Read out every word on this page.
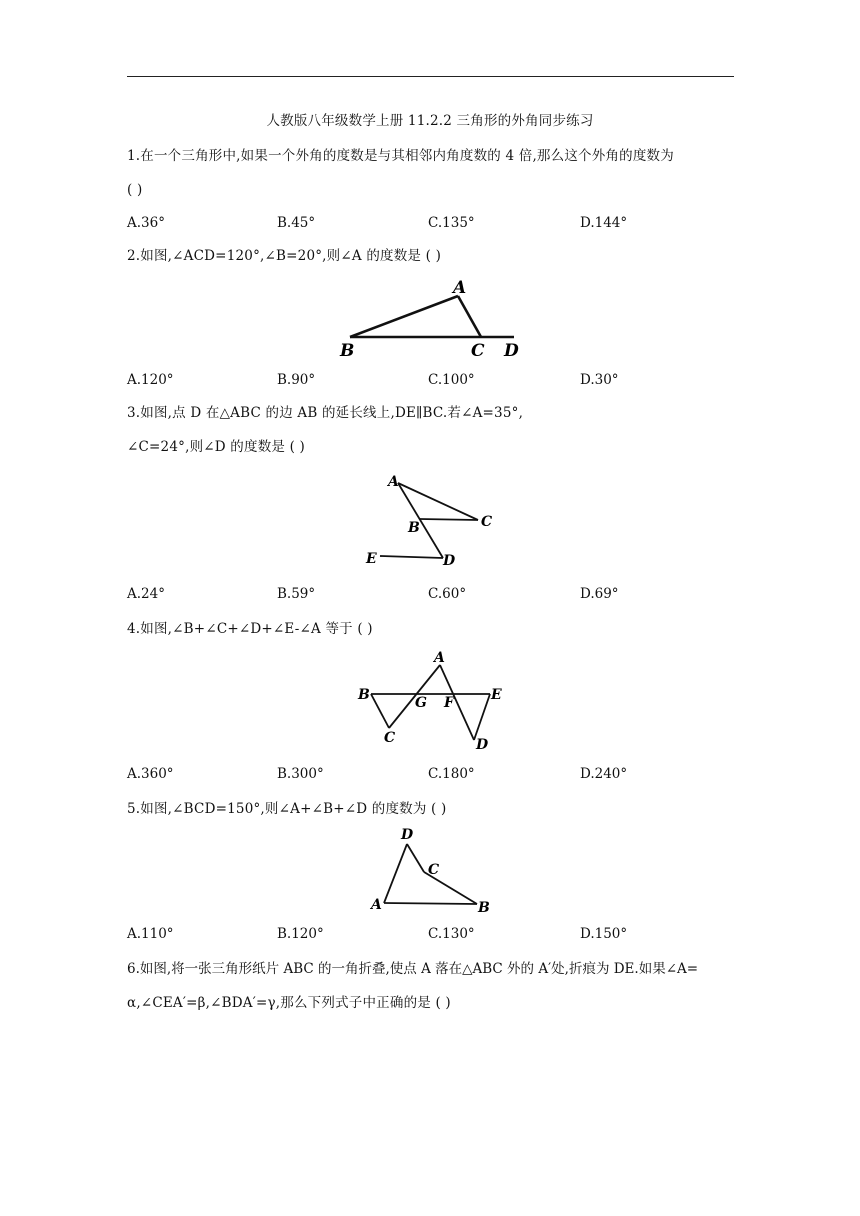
人教版八年级数学上册 11.2.2 三角形的外角同步练习
1.在一个三角形中,如果一个外角的度数是与其相邻内角度数的 4 倍,那么这个外角的度数为
( )
A.36°	B.45°	C.135°	D.144°
2.如图,∠ACD=120°,∠B=20°,则∠A 的度数是 ( )
A
B	C D
A.120°	B.90°	C.100°	D.30°
3.如图,点 D 在△ABC 的边 AB 的延长线上,DE∥BC.若∠A=35°,
∠C=24°,则∠D 的度数是 ( )
A
B	C
D
E
A.24°	B.59°	C.60°	D.69°
4.如图,∠B+∠C+∠D+∠E-∠A 等于 ( )
A
B
C	D
E
F
G
A.360°	B.300°	C.180°	D.240°
5.如图,∠BCD=150°,则∠A+∠B+∠D 的度数为 ( )
D
C
A	B
A.110°	B.120°	C.130°	D.150°
6.如图,将一张三角形纸片 ABC 的一角折叠,使点 A 落在△ABC 外的 A′处,折痕为 DE.如果∠A=
α,∠CEA′=β,∠BDA′=γ,那么下列式子中正确的是 ( )
